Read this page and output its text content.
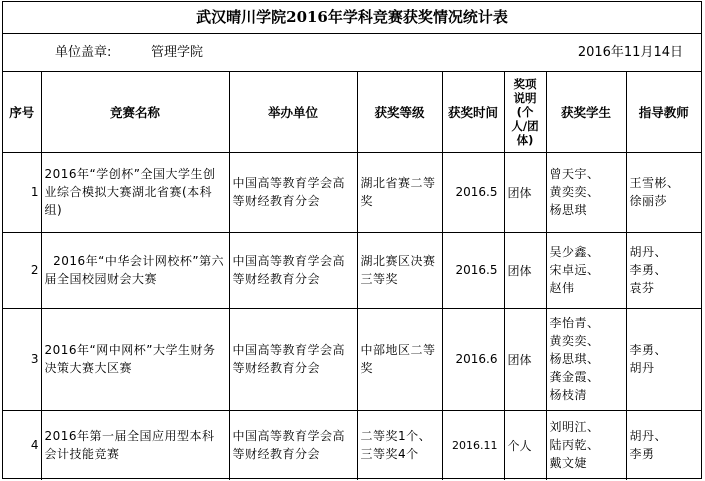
武汉晴川学院2016年学科竞赛获奖情况统计表
单位盖章:	管理学院	2016年11月14日
序号	竞赛名称	举办单位	获奖等级	获奖时间	奖项
说明
(个
人/团
体)	获奖学生	指导教师
1	2016年“学创杯”全国大学生创业综合模拟大赛湖北省赛(本科组)	中国高等教育学会高等财经教育分会	湖北省赛二等奖	2016.5	团体	曾天宇、
黄奕奕、
杨思琪	王雪彬、
徐丽莎
2	2016年“中华会计网校杯”第六届全国校园财会大赛	中国高等教育学会高等财经教育分会	湖北赛区决赛三等奖	2016.5	团体	吴少鑫、
宋卓远、
赵伟	胡丹、
李勇、
袁芬
3	2016年“网中网杯”大学生财务决策大赛大区赛	中国高等教育学会高等财经教育分会	中部地区二等奖	2016.6	团体	李怡青、
黄奕奕、
杨思琪、
龚金霞、
杨枝清	李勇、
胡丹
4	2016年第一届全国应用型本科会计技能竞赛	中国高等教育学会高等财经教育分会	二等奖1个、三等奖4个	2016.11	个人	刘明江、
陆丙乾、
戴文婕	胡丹、
李勇
